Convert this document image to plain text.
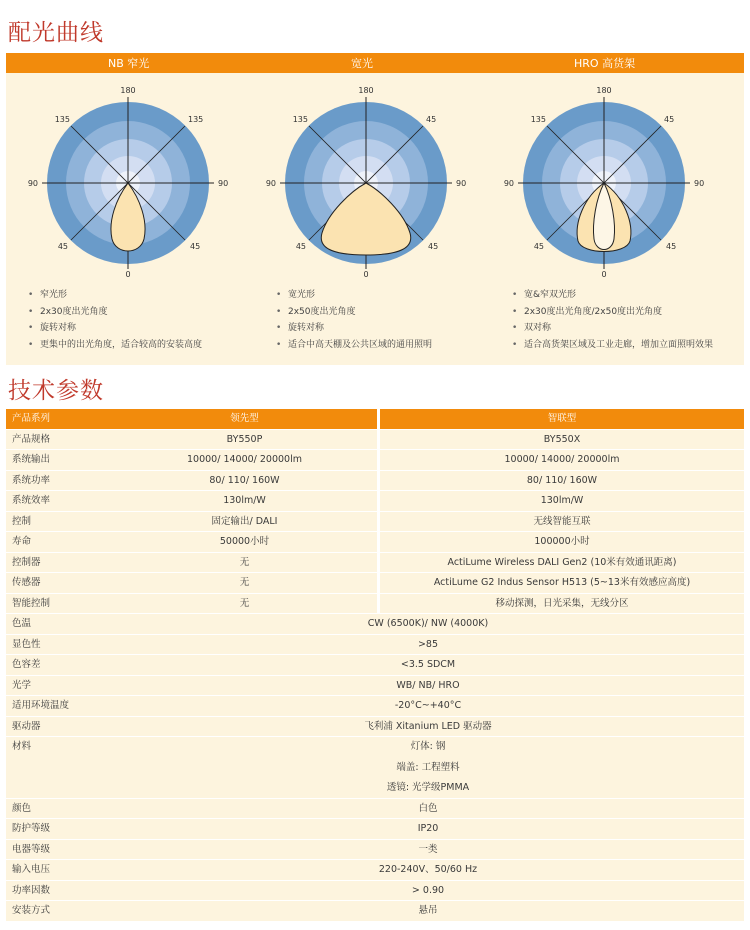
配光曲线
NB 窄光	宽光	HRO 高货架
180
135	135
90	90
45	45
0
180
135	45
90	90
45	45
0
180
135	45
90	90
45	45
0
• 窄光形
• 2x30度出光角度
• 旋转对称
• 更集中的出光角度，适合较高的安装高度
• 宽光形
• 2x50度出光角度
• 旋转对称
• 适合中高天棚及公共区域的通用照明
• 宽&窄双光形
• 2x30度出光角度/2x50度出光角度
• 双对称
• 适合高货架区域及工业走廊，增加立面照明效果
技术参数
产品系列	领先型	智联型
产品规格	BY550P	BY550X
系统输出	10000/ 14000/ 20000lm	10000/ 14000/ 20000lm
系统功率	80/ 110/ 160W	80/ 110/ 160W
系统效率	130lm/W	130lm/W
控制	固定输出/ DALI	无线智能互联
寿命	50000小时	100000小时
控制器	无	ActiLume Wireless DALI Gen2 (10米有效通讯距离)
传感器	无	ActiLume G2 Indus Sensor H513 (5~13米有效感应高度)
智能控制	无	移动探测，日光采集，无线分区
色温	CW (6500K)/ NW (4000K)
显色性	>85
色容差	<3.5 SDCM
光学	WB/ NB/ HRO
适用环境温度	-20°C~+40°C
驱动器	飞利浦 Xitanium LED 驱动器
材料	灯体: 钢
端盖: 工程塑料
透镜: 光学级PMMA
颜色	白色
防护等级	IP20
电器等级	一类
输入电压	220-240V、50/60 Hz
功率因数	> 0.90
安装方式	悬吊
